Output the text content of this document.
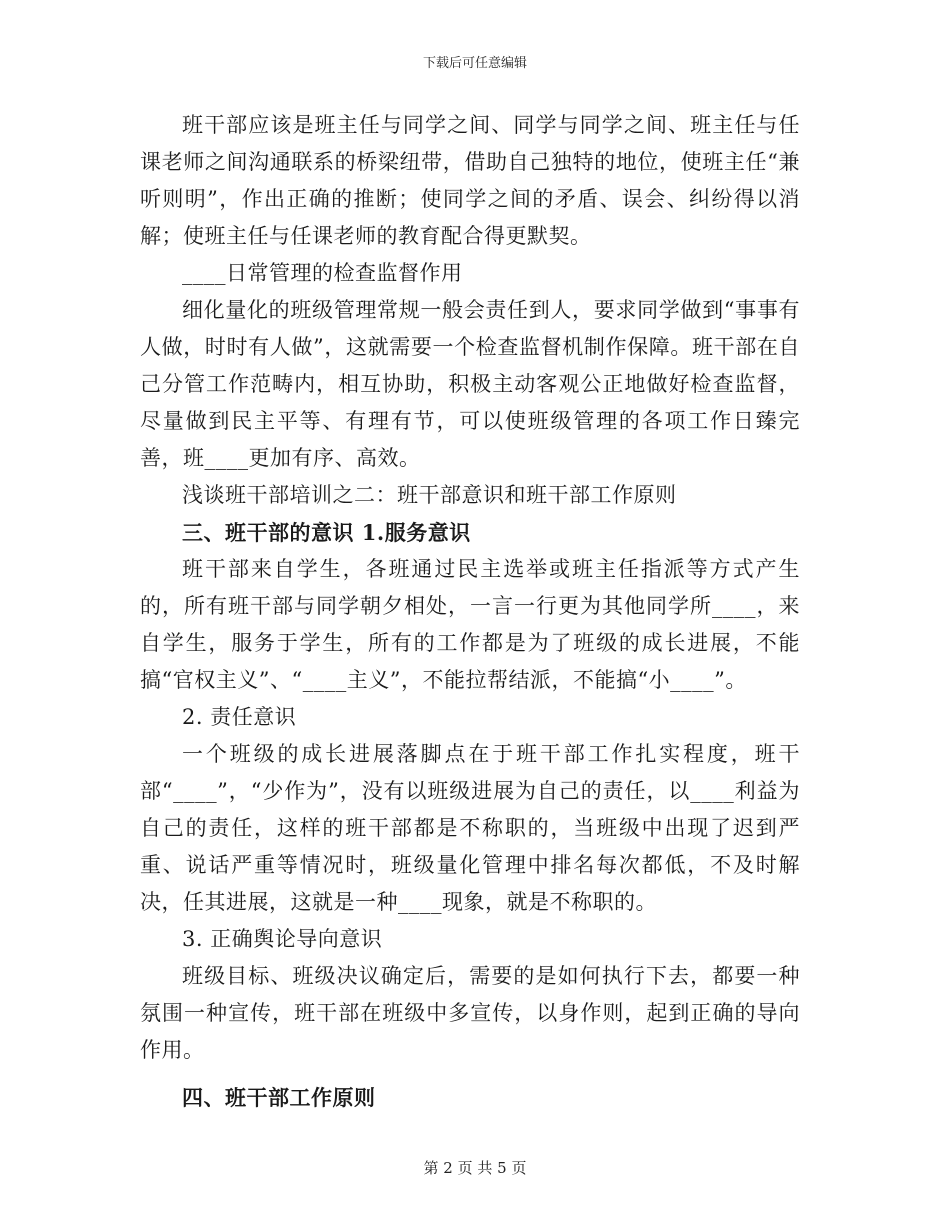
下载后可任意编辑

班干部应该是班主任与同学之间、同学与同学之间、班主任与任课老师之间沟通联系的桥梁纽带，借助自己独特的地位，使班主任“兼听则明”，作出正确的推断；使同学之间的矛盾、误会、纠纷得以消解；使班主任与任课老师的教育配合得更默契。

____日常管理的检查监督作用

细化量化的班级管理常规一般会责任到人，要求同学做到“事事有人做，时时有人做”，这就需要一个检查监督机制作保障。班干部在自己分管工作范畴内，相互协助，积极主动客观公正地做好检查监督，尽量做到民主平等、有理有节，可以使班级管理的各项工作日臻完善，班____更加有序、高效。

浅谈班干部培训之二：班干部意识和班干部工作原则

三、班干部的意识 1.服务意识

班干部来自学生，各班通过民主选举或班主任指派等方式产生的，所有班干部与同学朝夕相处，一言一行更为其他同学所____，来自学生，服务于学生，所有的工作都是为了班级的成长进展，不能搞“官权主义”、“____主义”，不能拉帮结派，不能搞“小____”。

2. 责任意识

一个班级的成长进展落脚点在于班干部工作扎实程度，班干部“____”，“少作为”，没有以班级进展为自己的责任，以____利益为自己的责任，这样的班干部都是不称职的，当班级中出现了迟到严重、说话严重等情况时，班级量化管理中排名每次都低，不及时解决，任其进展，这就是一种____现象，就是不称职的。

3. 正确舆论导向意识

班级目标、班级决议确定后，需要的是如何执行下去，都要一种氛围一种宣传，班干部在班级中多宣传，以身作则，起到正确的导向作用。

四、班干部工作原则

第 2 页 共 5 页
